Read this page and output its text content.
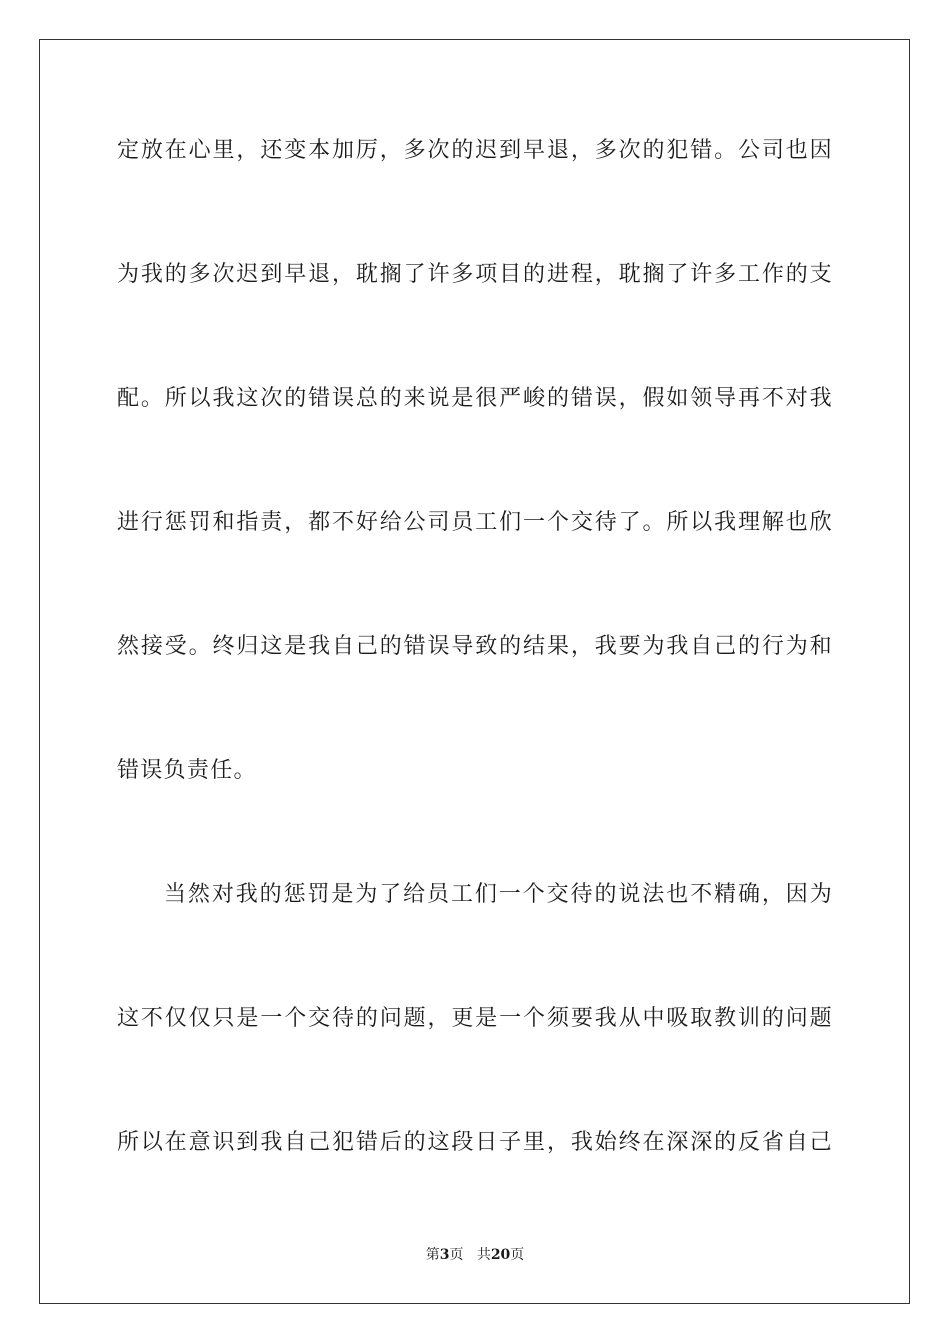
定放在心里，还变本加厉，多次的迟到早退，多次的犯错。公司也因
为我的多次迟到早退，耽搁了许多项目的进程，耽搁了许多工作的支
配。所以我这次的错误总的来说是很严峻的错误，假如领导再不对我
进行惩罚和指责，都不好给公司员工们一个交待了。所以我理解也欣
然接受。终归这是我自己的错误导致的结果，我要为我自己的行为和
错误负责任。
当然对我的惩罚是为了给员工们一个交待的说法也不精确，因为
这不仅仅只是一个交待的问题，更是一个须要我从中吸取教训的问题
所以在意识到我自己犯错后的这段日子里，我始终在深深的反省自己
第3页 共20页
